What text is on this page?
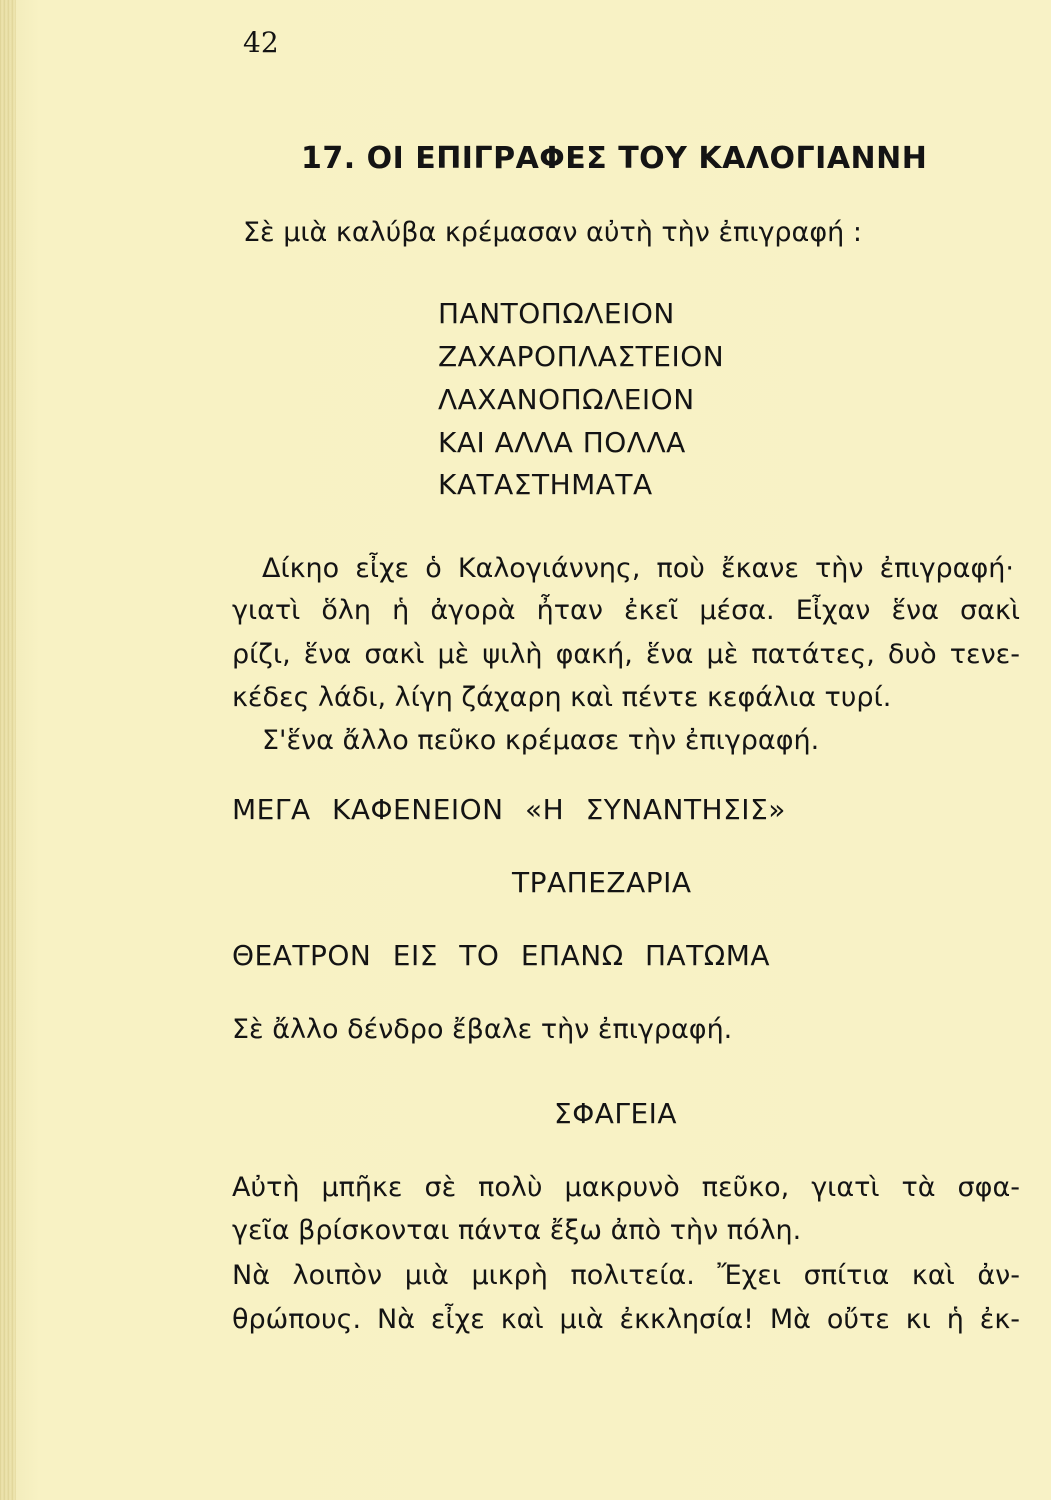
42
17. ΟΙ ΕΠΙΓΡΑΦΕΣ ΤΟΥ ΚΑΛΟΓΙΑΝΝΗ

Σὲ μιὰ καλύβα κρέμασαν αὐτὴ τὴν ἐπιγραφή :

ΠΑΝΤΟΠΩΛΕΙΟΝ
ΖΑΧΑΡΟΠΛΑΣΤΕΙΟΝ
ΛΑΧΑΝΟΠΩΛΕΙΟΝ
ΚΑΙ ΑΛΛΑ ΠΟΛΛΑ
ΚΑΤΑΣΤΗΜΑΤΑ

Δίκηο εἶχε ὁ Καλογιάννης, ποὺ ἔκανε τὴν ἐπιγραφή·

γιατὶ ὅλη ἡ ἀγορὰ ἦταν ἐκεῖ μέσα. Εἶχαν ἕνα σακὶ

ρίζι, ἕνα σακὶ μὲ ψιλὴ φακή, ἕνα μὲ πατάτες, δυὸ τενε-

κέδες λάδι, λίγη ζάχαρη καὶ πέντε κεφάλια τυρί.

Σ'ἕνα ἄλλο πεῦκο κρέμασε τὴν ἐπιγραφή.

ΜΕΓΑ ΚΑΦΕΝΕΙΟΝ «Η ΣΥΝΑΝΤΗΣΙΣ»
ΤΡΑΠΕΖΑΡΙΑ
ΘΕΑΤΡΟΝ ΕΙΣ ΤΟ ΕΠΑΝΩ ΠΑΤΩΜΑ

Σὲ ἄλλο δένδρο ἔβαλε τὴν ἐπιγραφή.

ΣΦΑΓΕΙΑ

Αὐτὴ μπῆκε σὲ πολὺ μακρυνὸ πεῦκο, γιατὶ τὰ σφα-

γεῖα βρίσκονται πάντα ἔξω ἀπὸ τὴν πόλη.

Νὰ λοιπὸν μιὰ μικρὴ πολιτεία. Ἔχει σπίτια καὶ ἀν-

θρώπους. Νὰ εἶχε καὶ μιὰ ἐκκλησία! Μὰ οὔτε κι ἡ ἐκ-
